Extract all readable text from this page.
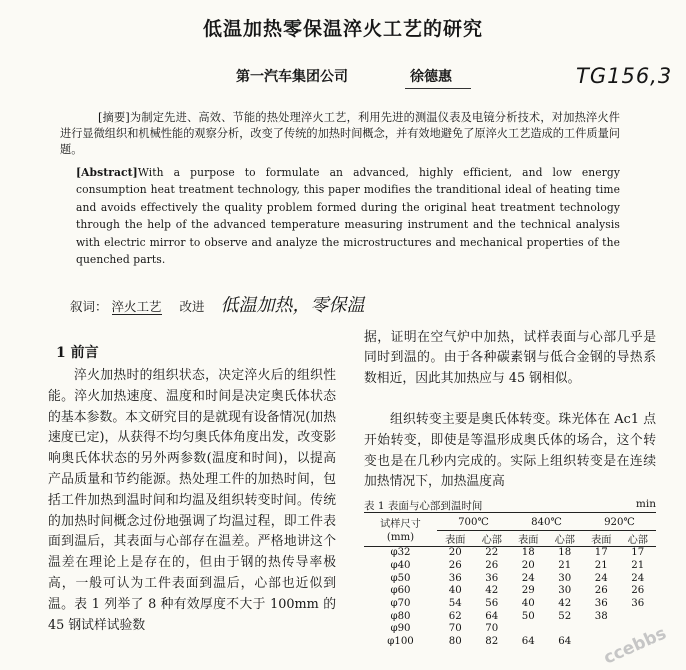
低温加热零保温淬火工艺的研究
第一汽车集团公司	徐德惠	TG156,3
[摘要]为制定先进、高效、节能的热处理淬火工艺，利用先进的测温仪表及电镜分析技术，对加热淬火件进行显微组织和机械性能的观察分析，改变了传统的加热时间概念，并有效地避免了原淬火工艺造成的工件质量问题。
[Abstract]With a purpose to formulate an advanced, highly efficient, and low energy consumption heat treatment technology, this paper modifies the tranditional ideal of heating time and avoids effectively the quality problem formed during the original heat treatment technology through the help of the advanced temperature measuring instrument and the technical analysis with electric mirror to observe and analyze the microstructures and mechanical properties of the quenched parts.
叙词： 淬火工艺 改进 低温加热，零保温
1 前言
淬火加热时的组织状态，决定淬火后的组织性能。淬火加热速度、温度和时间是决定奥氏体状态的基本参数。本文研究目的是就现有设备情况(加热速度已定)，从获得不均匀奥氏体角度出发，改变影响奥氏体状态的另外两参数(温度和时间)，以提高产品质量和节约能源。热处理工件的加热时间，包括工件加热到温时间和均温及组织转变时间。传统的加热时间概念过份地强调了均温过程，即工件表面到温后，其表面与心部存在温差。严格地讲这个温差在理论上是存在的，但由于钢的热传导率极高，一般可认为工件表面到温后，心部也近似到温。表 1 列举了 8 种有效厚度不大于 100mm 的 45 钢试样试验数
据，证明在空气炉中加热，试样表面与心部几乎是同时到温的。由于各种碳素钢与低合金钢的导热系数相近，因此其加热应与 45 钢相似。
组织转变主要是奥氏体转变。珠光体在 Ac1 点开始转变，即使是等温形成奥氏体的场合，这个转变也是在几秒内完成的。实际上组织转变是在连续加热情况下，加热温度高
表 1 表面与心部到温时间	min
试样尺寸	700℃		840℃		920℃	
(mm)	表面	心部	表面	心部	表面	心部
φ32	20	22	18	18	17	17
φ40	26	26	20	21	21	21
φ50	36	36	24	30	24	24
φ60	40	42	29	30	26	26
φ70	54	56	40	42	36	36
φ80	62	64	50	52	38	
φ90	70	70				
φ100	80	82	64	64		ccebbs
